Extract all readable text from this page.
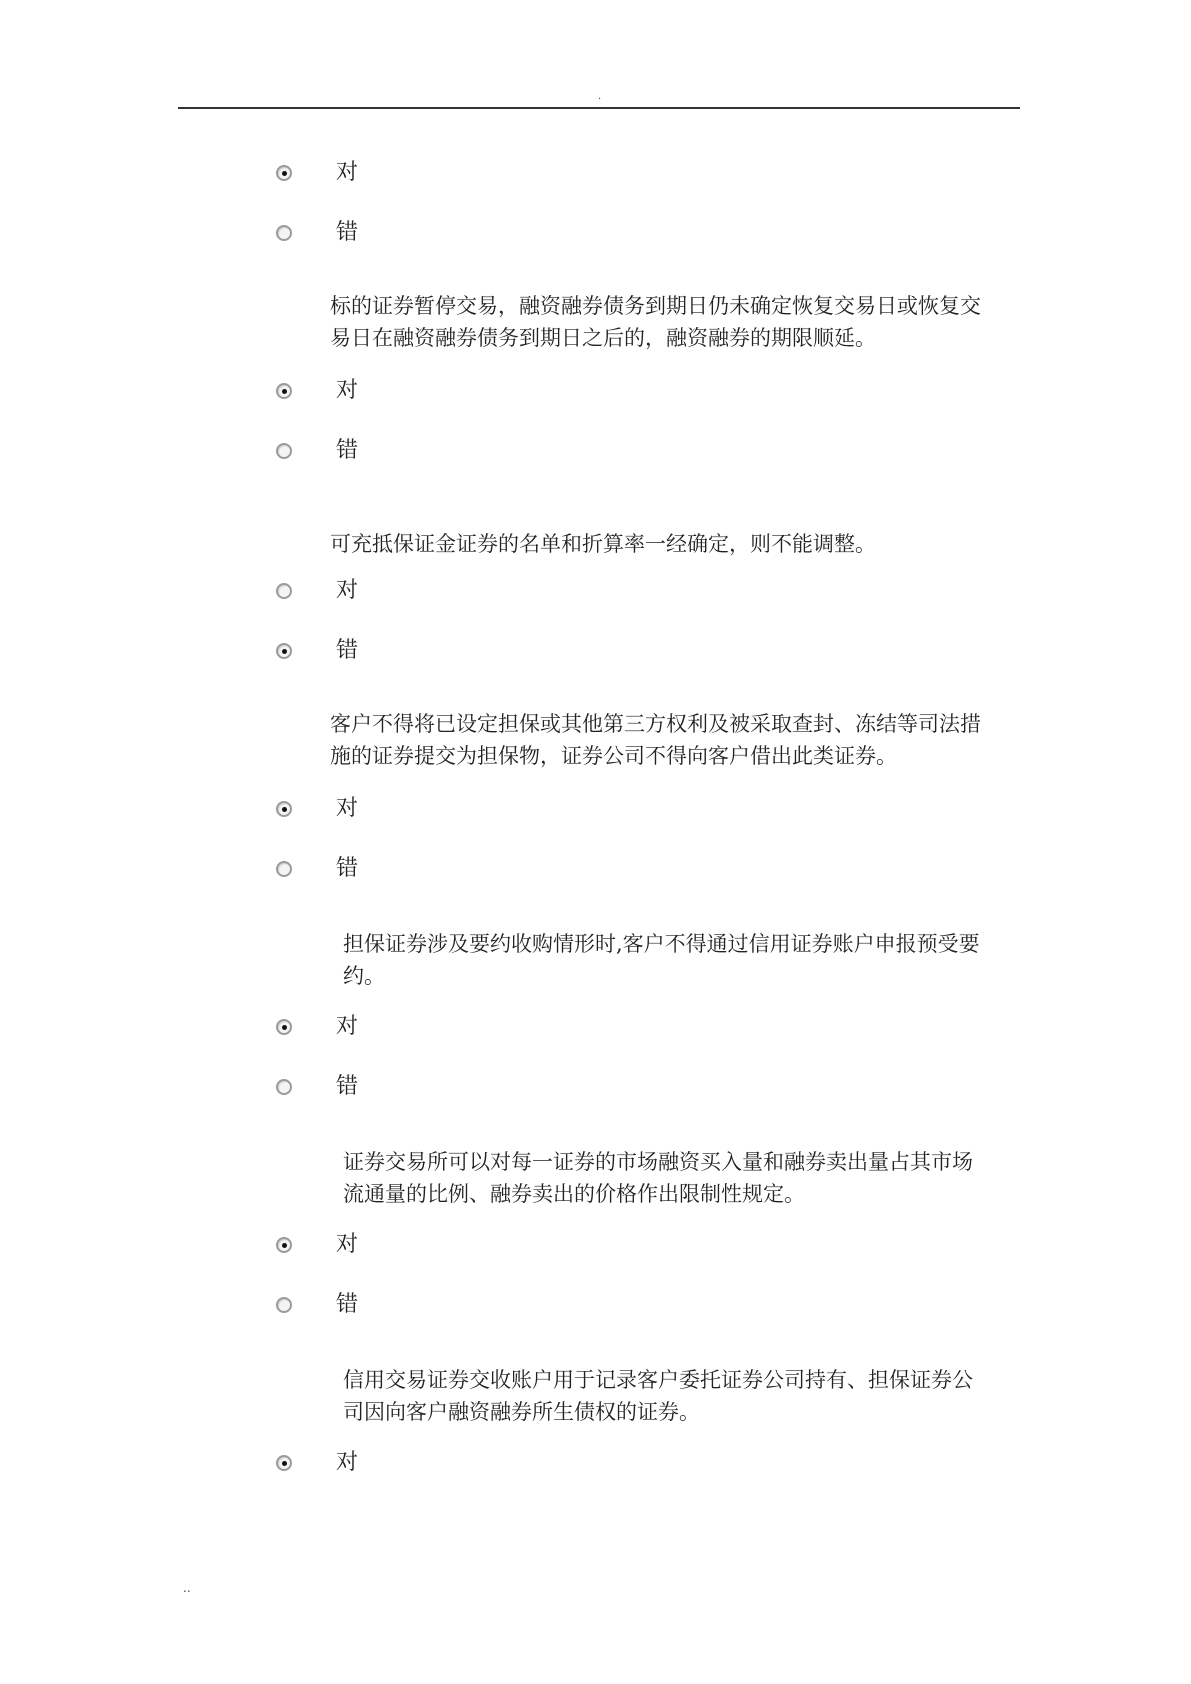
.
对
错
标的证券暂停交易，融资融券债务到期日仍未确定恢复交易日或恢复交易日在融资融券债务到期日之后的，融资融券的期限顺延。
对
错
可充抵保证金证券的名单和折算率一经确定，则不能调整。
对
错
客户不得将已设定担保或其他第三方权利及被采取查封、冻结等司法措施的证券提交为担保物，证券公司不得向客户借出此类证券。
对
错
担保证券涉及要约收购情形时,客户不得通过信用证券账户申报预受要约。
对
错
证券交易所可以对每一证券的市场融资买入量和融券卖出量占其市场流通量的比例、融券卖出的价格作出限制性规定。
对
错
信用交易证券交收账户用于记录客户委托证券公司持有、担保证券公司因向客户融资融券所生债权的证券。
对
..
